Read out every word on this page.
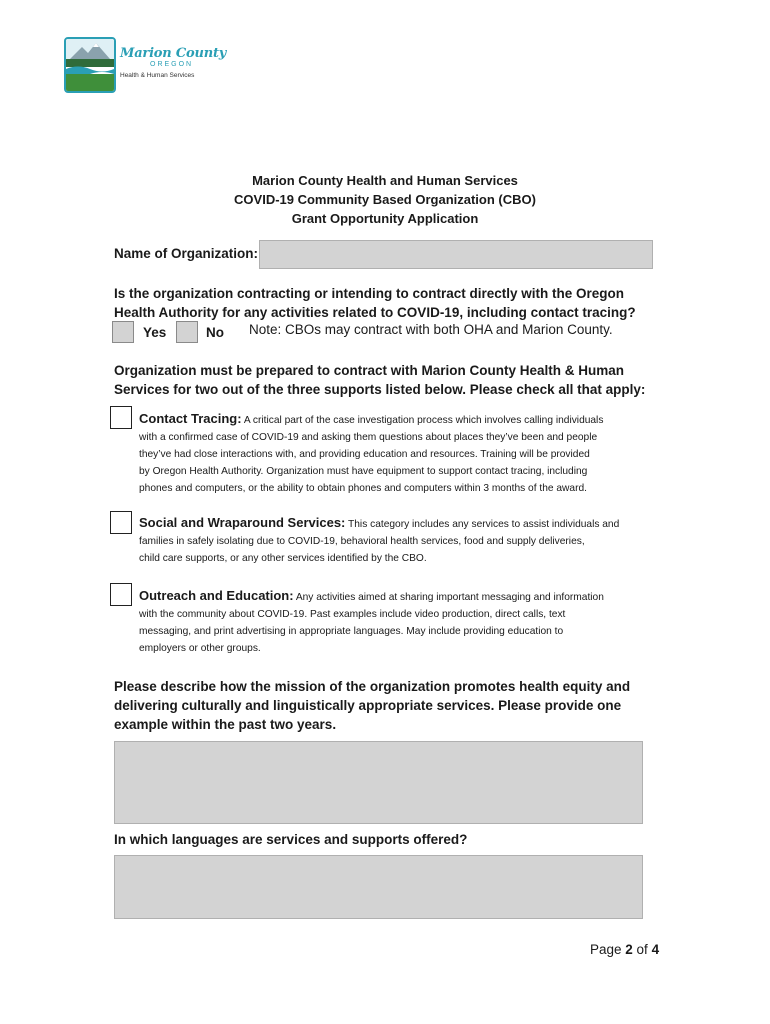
Marion County
OREGON
Health & Human Services
Marion County Health and Human Services
COVID-19 Community Based Organization (CBO)
Grant Opportunity Application
Name of Organization:
Is the organization contracting or intending to contract directly with the Oregon
Health Authority for any activities related to COVID-19, including contact tracing?
Yes	No Note: CBOs may contract with both OHA and Marion County.
Organization must be prepared to contract with Marion County Health & Human
Services for two out of the three supports listed below. Please check all that apply:
Contact Tracing: A critical part of the case investigation process which involves calling individuals
with a confirmed case of COVID-19 and asking them questions about places they’ve been and people
they’ve had close interactions with, and providing education and resources. Training will be provided
by Oregon Health Authority. Organization must have equipment to support contact tracing, including
phones and computers, or the ability to obtain phones and computers within 3 months of the award.
Social and Wraparound Services: This category includes any services to assist individuals and
families in safely isolating due to COVID-19, behavioral health services, food and supply deliveries,
child care supports, or any other services identified by the CBO.
Outreach and Education: Any activities aimed at sharing important messaging and information
with the community about COVID-19. Past examples include video production, direct calls, text
messaging, and print advertising in appropriate languages. May include providing education to
employers or other groups.
Please describe how the mission of the organization promotes health equity and
delivering culturally and linguistically appropriate services. Please provide one
example within the past two years.
In which languages are services and supports offered?
Page 2 of 4
